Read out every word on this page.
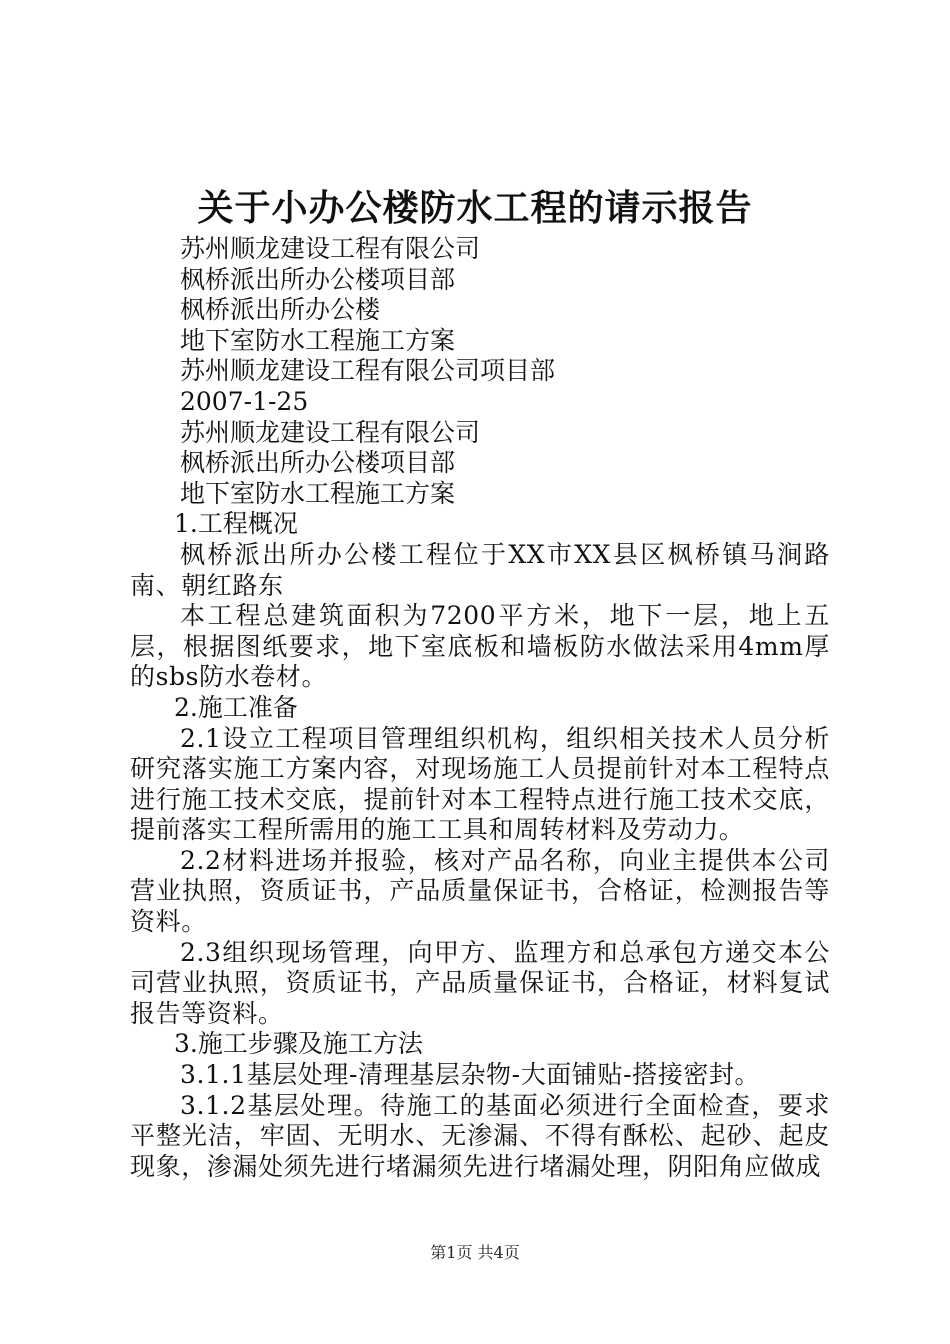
关于小办公楼防水工程的请示报告

苏州顺龙建设工程有限公司

枫桥派出所办公楼项目部

枫桥派出所办公楼

地下室防水工程施工方案

苏州顺龙建设工程有限公司项目部

2007-1-25

苏州顺龙建设工程有限公司

枫桥派出所办公楼项目部

地下室防水工程施工方案

1.工程概况

枫桥派出所办公楼工程位于XX市XX县区枫桥镇马涧路南、朝红路东

本工程总建筑面积为7200平方米，地下一层，地上五层，根据图纸要求，地下室底板和墙板防水做法采用4mm厚的sbs防水卷材。

2.施工准备

2.1设立工程项目管理组织机构，组织相关技术人员分析研究落实施工方案内容，对现场施工人员提前针对本工程特点进行施工技术交底，提前针对本工程特点进行施工技术交底，提前落实工程所需用的施工工具和周转材料及劳动力。

2.2材料进场并报验，核对产品名称，向业主提供本公司营业执照，资质证书，产品质量保证书，合格证，检测报告等资料。

2.3组织现场管理，向甲方、监理方和总承包方递交本公司营业执照，资质证书，产品质量保证书，合格证，材料复试报告等资料。

3.施工步骤及施工方法

3.1.1基层处理-清理基层杂物-大面铺贴-搭接密封。

3.1.2基层处理。待施工的基面必须进行全面检查，要求平整光洁，牢固、无明水、无渗漏、不得有酥松、起砂、起皮现象，渗漏处须先进行堵漏须先进行堵漏处理，阴阳角应做成

第1页 共4页
